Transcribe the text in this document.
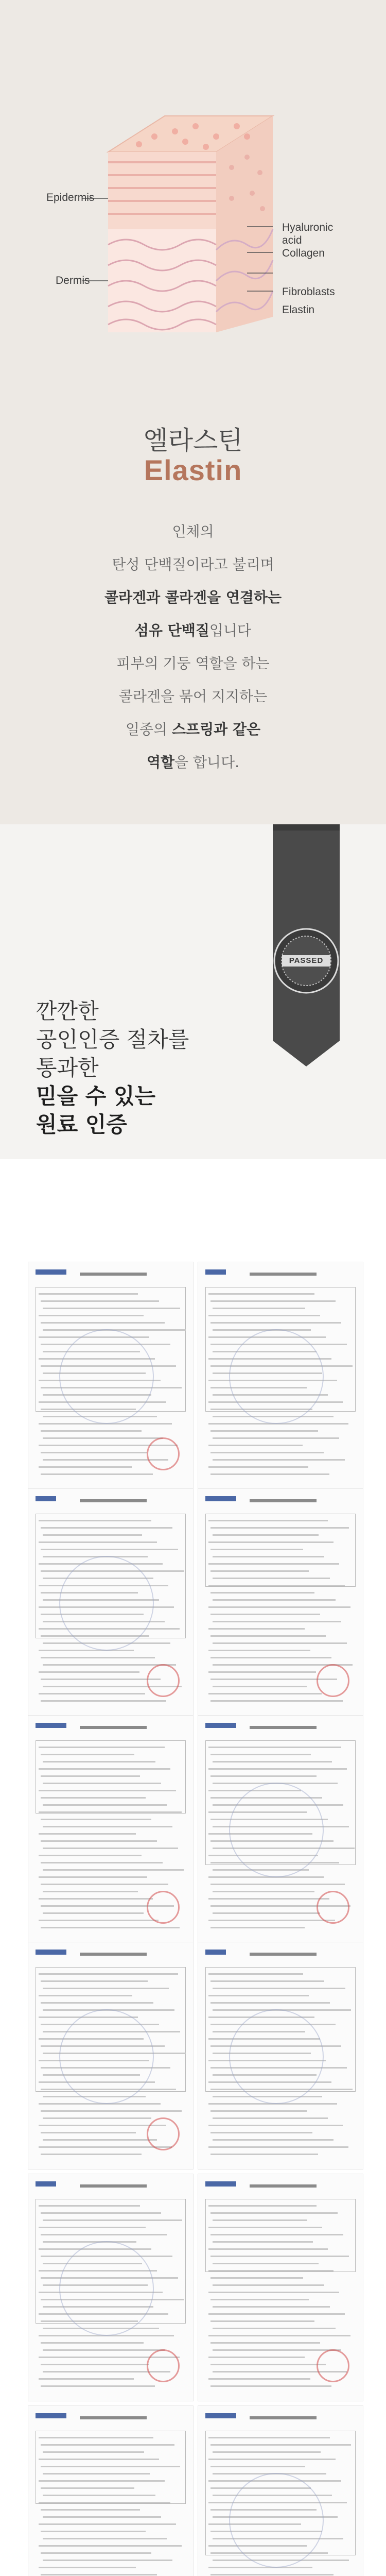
Epidermis
Dermis
Hyaluronic
acid
Collagen
Fibroblasts
Elastin
엘라스틴
Elastin
인체의
탄성 단백질이라고 불리며
콜라겐과 콜라겐을 연결하는
섬유 단백질입니다
피부의 기둥 역할을 하는
콜라겐을 묶어 지지하는
일종의 스프링과 같은
역할을 합니다.
PASSED
깐깐한
공인인증 절차를
통과한
믿을 수 있는
원료 인증
